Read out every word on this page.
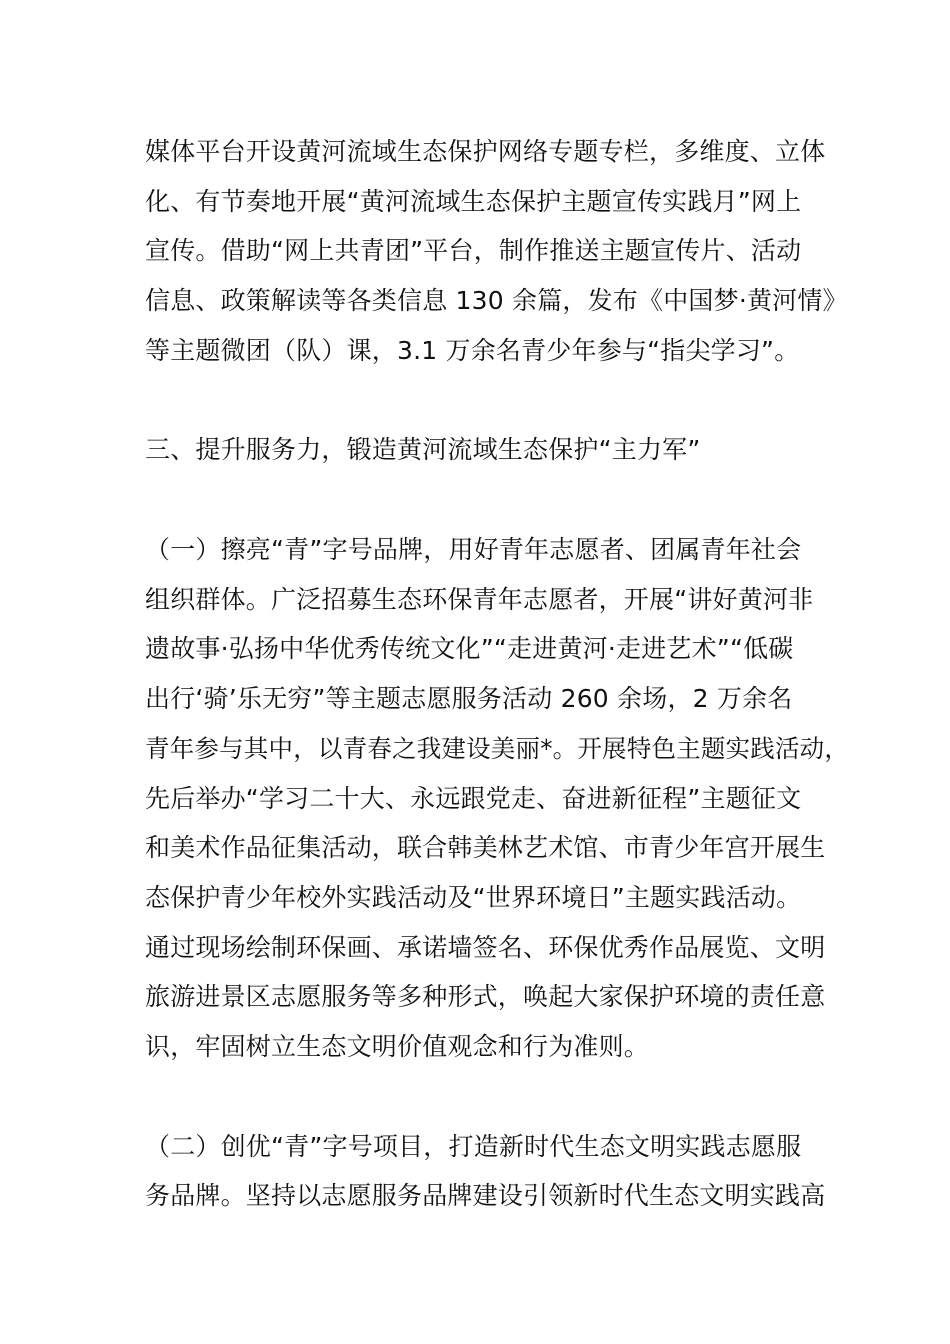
媒体平台开设黄河流域生态保护网络专题专栏，多维度、立体
化、有节奏地开展“黄河流域生态保护主题宣传实践月”网上
宣传。借助“网上共青团”平台，制作推送主题宣传片、活动
信息、政策解读等各类信息 130 余篇，发布《中国梦·黄河情》
等主题微团（队）课，3.1 万余名青少年参与“指尖学习”。
三、提升服务力，锻造黄河流域生态保护“主力军”
（一）擦亮“青”字号品牌，用好青年志愿者、团属青年社会
组织群体。广泛招募生态环保青年志愿者，开展“讲好黄河非
遗故事·弘扬中华优秀传统文化”“走进黄河·走进艺术”“低碳
出行‘骑’乐无穷”等主题志愿服务活动 260 余场，2 万余名
青年参与其中，以青春之我建设美丽*。开展特色主题实践活动，
先后举办“学习二十大、永远跟党走、奋进新征程”主题征文
和美术作品征集活动，联合韩美林艺术馆、市青少年宫开展生
态保护青少年校外实践活动及“世界环境日”主题实践活动。
通过现场绘制环保画、承诺墙签名、环保优秀作品展览、文明
旅游进景区志愿服务等多种形式，唤起大家保护环境的责任意
识，牢固树立生态文明价值观念和行为准则。
（二）创优“青”字号项目，打造新时代生态文明实践志愿服
务品牌。坚持以志愿服务品牌建设引领新时代生态文明实践高
